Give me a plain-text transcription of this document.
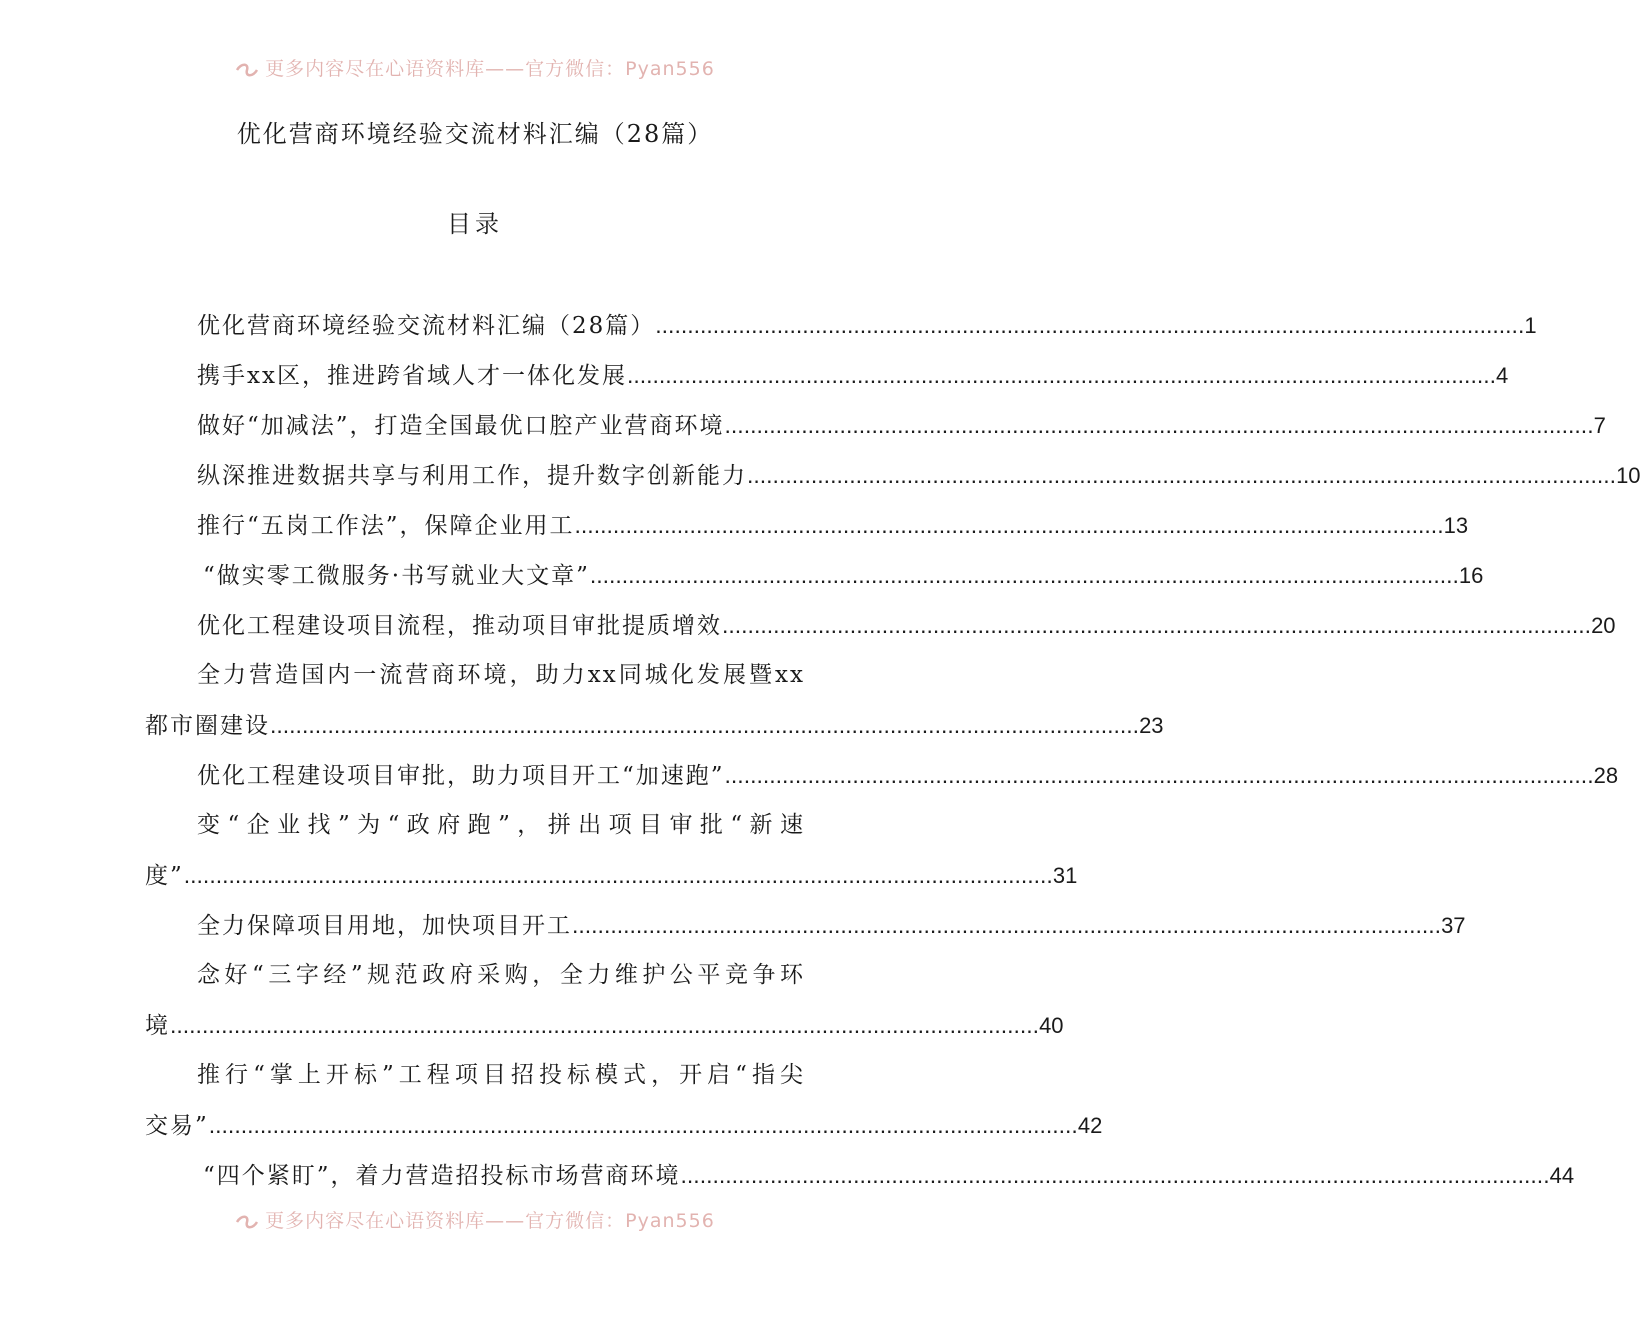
更多内容尽在心语资料库——官方微信：Pyan556
优化营商环境经验交流材料汇编（28篇）
目录
优化营商环境经验交流材料汇编（28篇） .....	1
携手xx区，推进跨省域人才一体化发展 .....	4
做好“加减法”，打造全国最优口腔产业营商环境 .....	7
纵深推进数据共享与利用工作，提升数字创新能力 .....	10
推行“五岗工作法”，保障企业用工 .....	13
“做实零工微服务·书写就业大文章” .....	16
优化工程建设项目流程，推动项目审批提质增效 .....	20
全力营造国内一流营商环境，助力xx同城化发展暨xx
都市圈建设 .....	23
优化工程建设项目审批，助力项目开工“加速跑” .....	28
变“企业找”为“政府跑”，拼出项目审批“新速
度” .....	31
全力保障项目用地，加快项目开工 .....	37
念好“三字经”规范政府采购，全力维护公平竞争环
境 .....	40
推行“掌上开标”工程项目招投标模式，开启“指尖
交易” .....	42
“四个紧盯”，着力营造招投标市场营商环境 .....	44
更多内容尽在心语资料库——官方微信：Pyan556
